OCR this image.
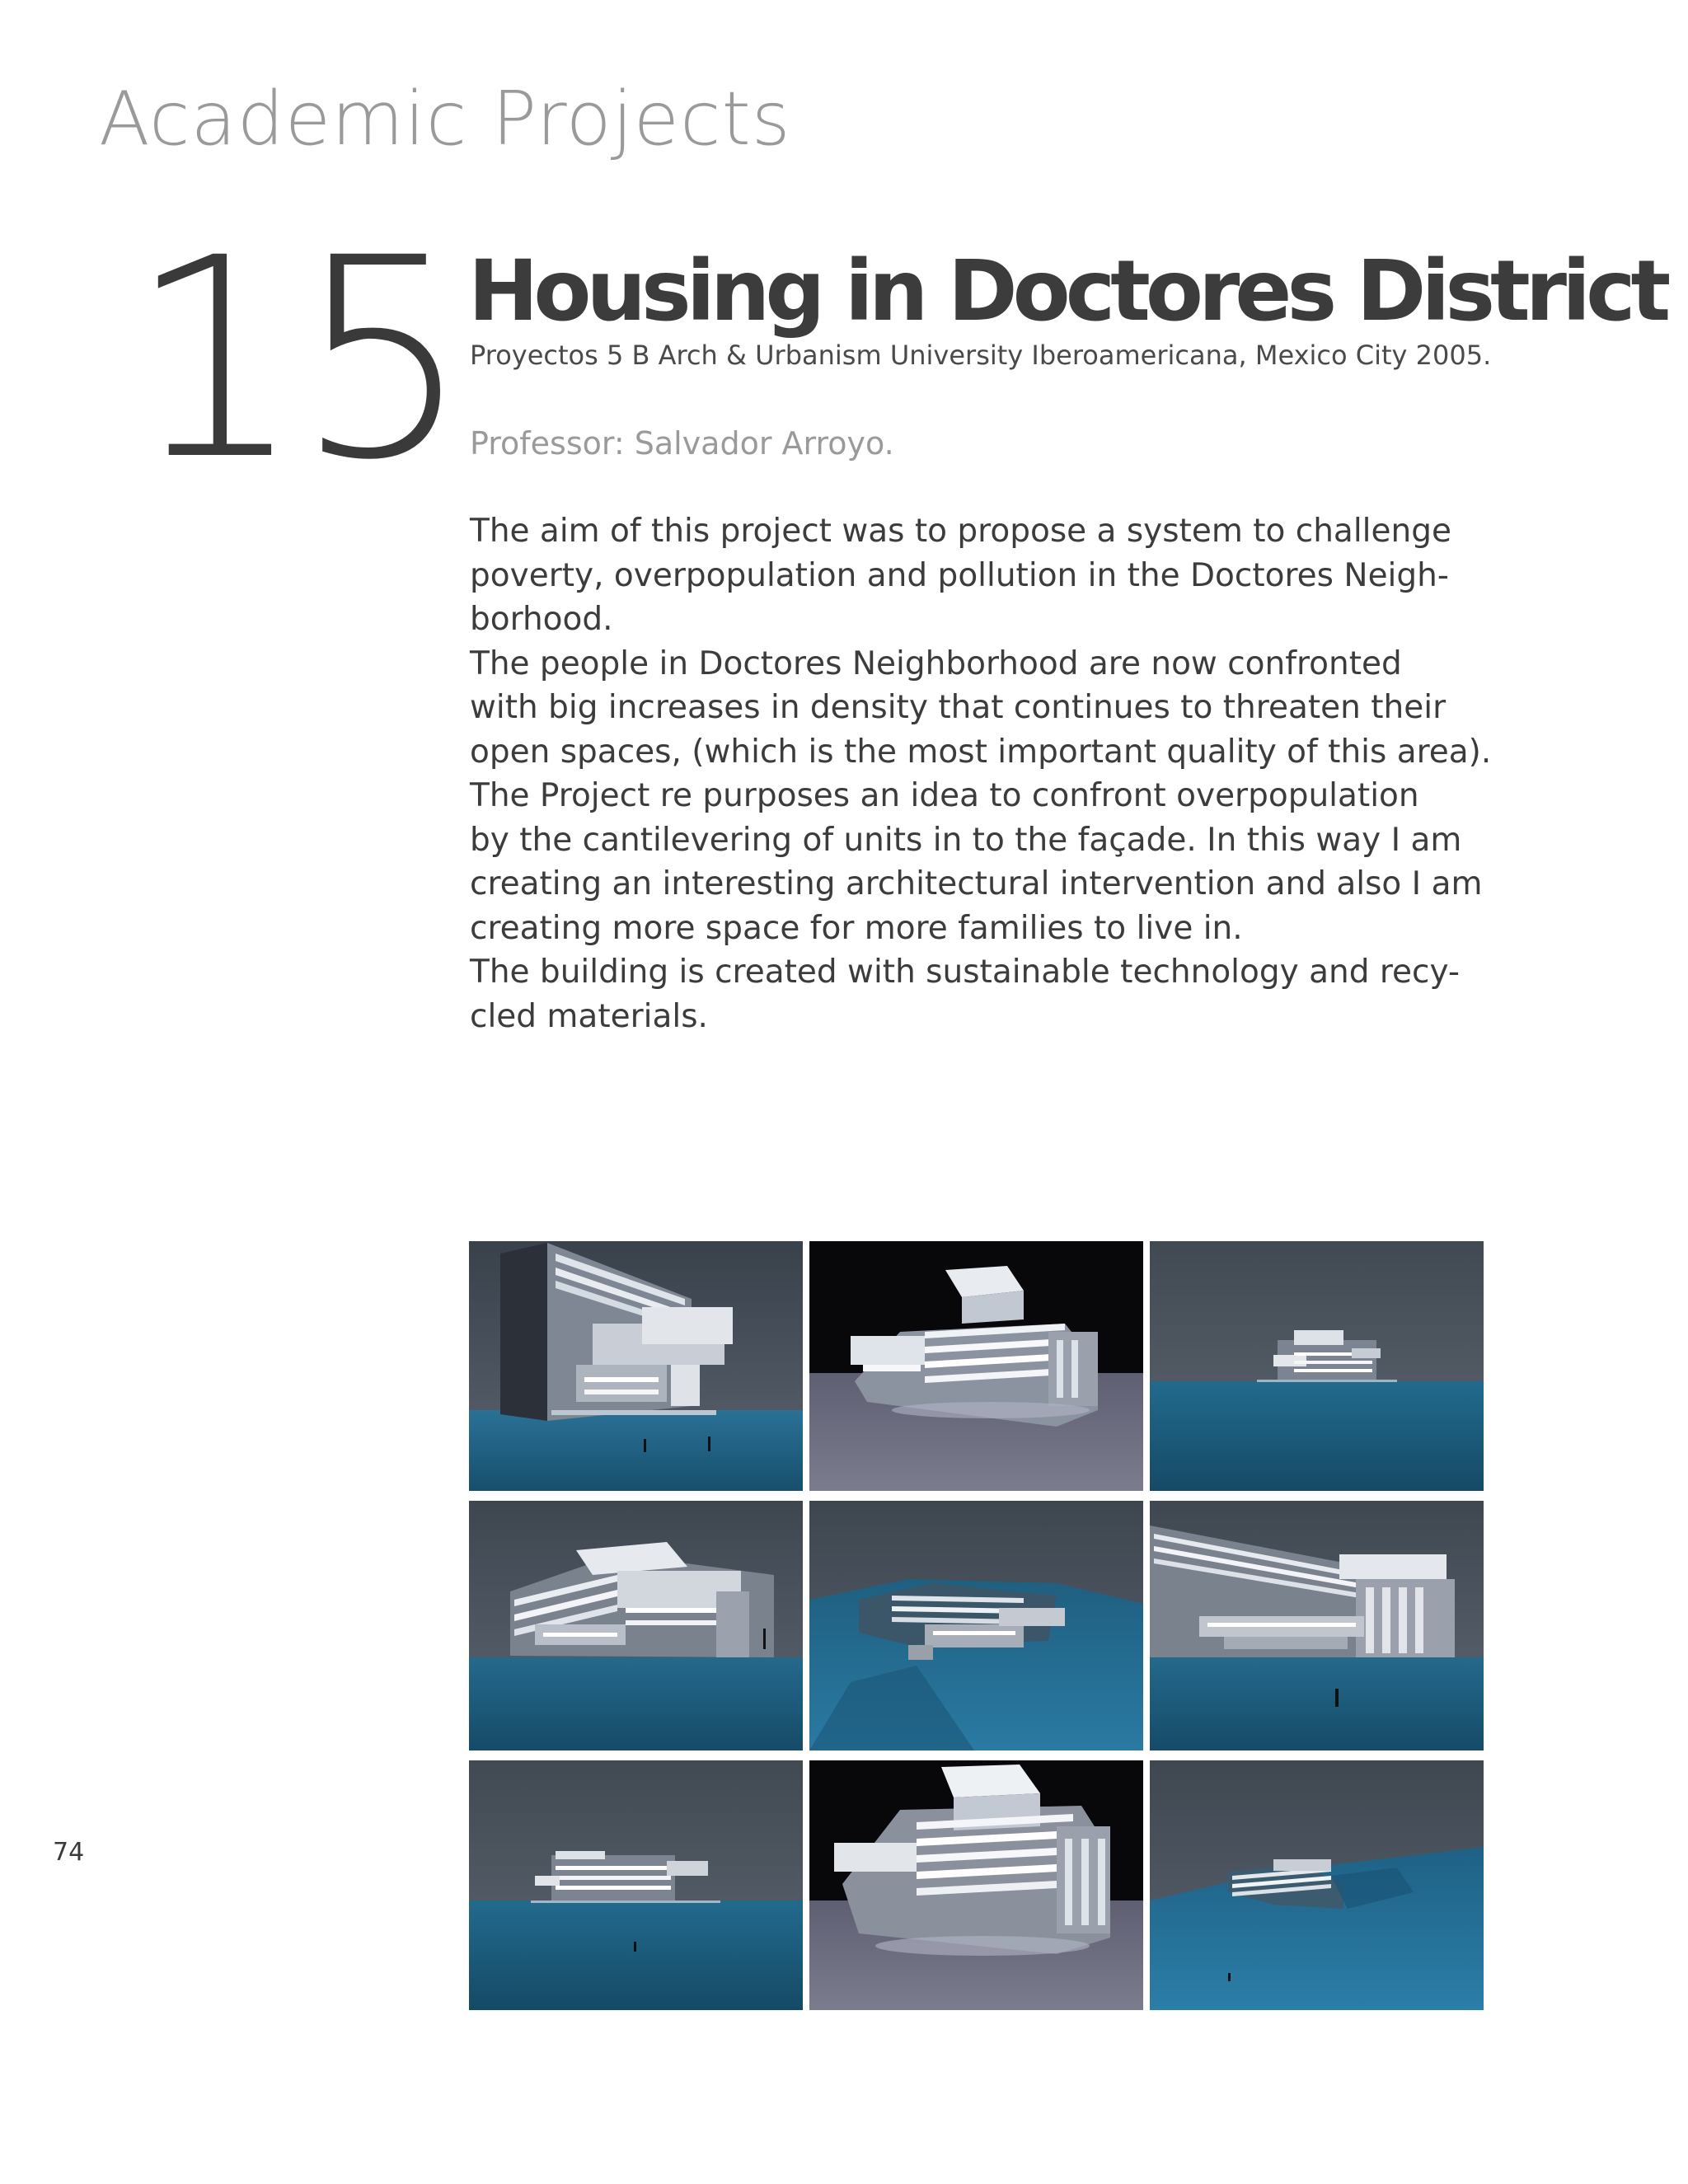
Academic Projects
15 Housing in Doctores District

Proyectos 5 B Arch & Urbanism University Iberoamericana, Mexico City 2005.

Professor: Salvador Arroyo.

The aim of this project was to propose a system to challenge
poverty, overpopulation and pollution in the Doctores Neigh-
borhood.
The people in Doctores Neighborhood are now confronted
with big increases in density that continues to threaten their
open spaces, (which is the most important quality of this area).
The Project re purposes an idea to confront overpopulation
by the cantilevering of units in to the façade. In this way I am
creating an interesting architectural intervention and also I am
creating more space for more families to live in.
The building is created with sustainable technology and recy-
cled materials.
74
